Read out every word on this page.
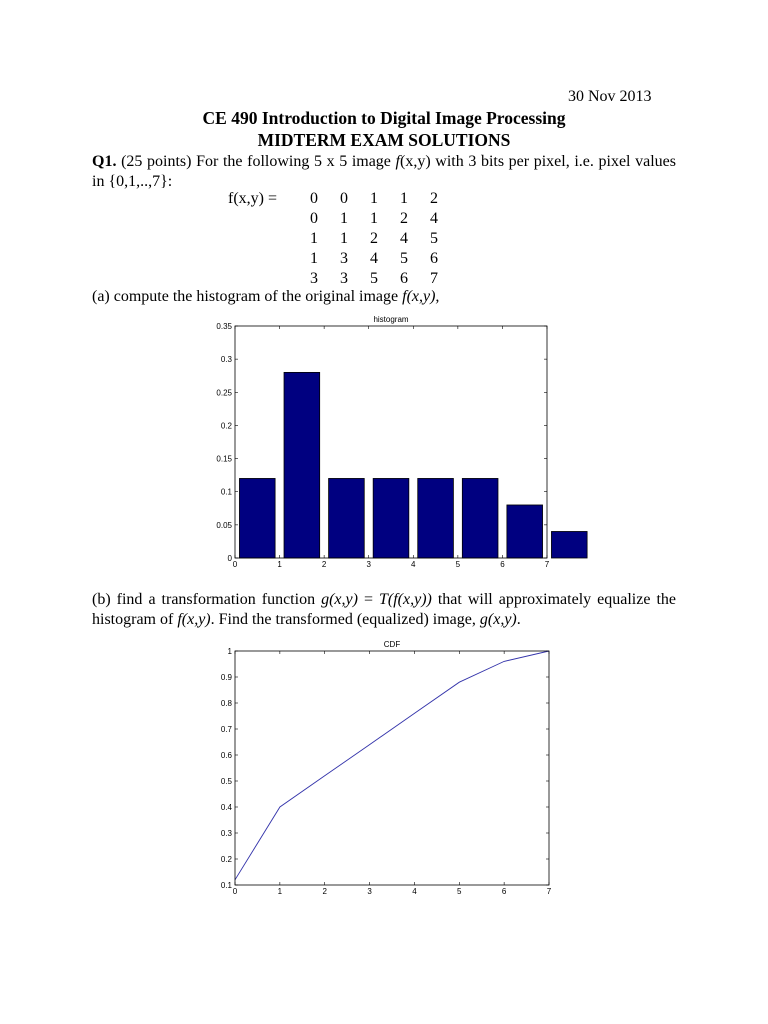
30 Nov 2013
CE 490 Introduction to Digital Image Processing
MIDTERM EXAM SOLUTIONS
Q1. (25 points) For the following 5 x 5 image f(x,y) with 3 bits per pixel, i.e. pixel values in {0,1,..,7}:
f(x,y) = 0 0 1 1 2
0 1 1 2 4
1 1 2 4 5
1 3 4 5 6
3 3 5 6 7
(a) compute the histogram of the original image f(x,y),
histogram
0	1	2	3	4	5	6	7
0
0.05
0.1
0.15
0.2
0.25
0.3
0.35
(b) find a transformation function g(x,y) = T(f(x,y)) that will approximately equalize the histogram of f(x,y). Find the transformed (equalized) image, g(x,y).
CDF
0	1	2	3	4	5	6	7
0.1
0.2
0.3
0.4
0.5
0.6
0.7
0.8
0.9
1
